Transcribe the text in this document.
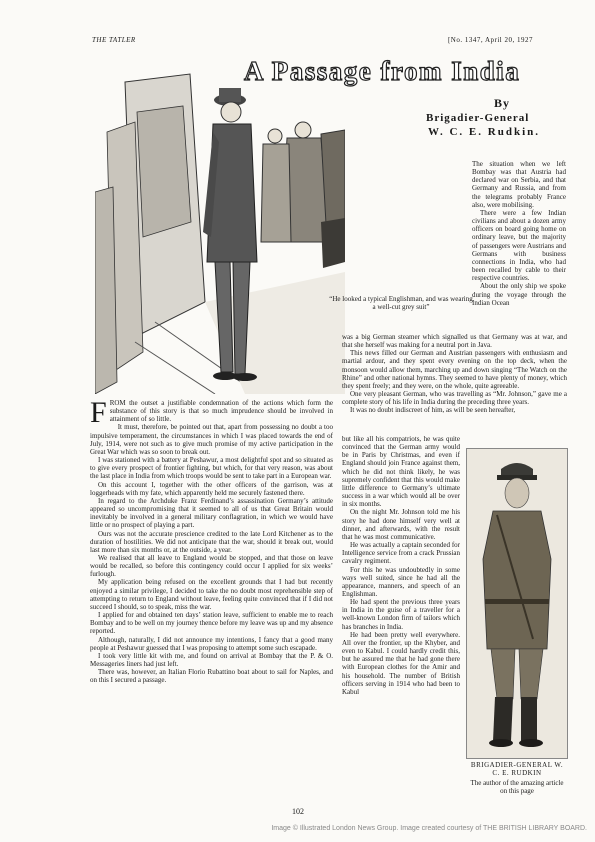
THE TATLER	[No. 1347, April 20, 1927
A Passage from India
By
Brigadier-General
W. C. E. Rudkin.
“He looked a typical Englishman, and was wearing a well-cut grey suit”

The situation when we left Bombay was that Austria had declared war on Serbia, and that Germany and Russia, and from the telegrams probably France also, were mobilising.

There were a few Indian civilians and about a dozen army officers on board going home on ordinary leave, but the majority of passengers were Austrians and Germans with business connections in India, who had been recalled by cable to their respective countries.

About the only ship we spoke during the voyage through the Indian Ocean

was a big German steamer which signalled us that Germany was at war, and that she herself was making for a neutral port in Java.

This news filled our German and Austrian passengers with enthusiasm and martial ardour, and they spent every evening on the top deck, when the monsoon would allow them, marching up and down singing “The Watch on the Rhine” and other national hymns. They seemed to have plenty of money, which they spent freely; and they were, on the whole, quite agreeable.

One very pleasant German, who was travelling as “Mr. Johnson,” gave me a complete story of his life in India during the preceding three years.

It was no doubt indiscreet of him, as will be seen hereafter,

but like all his compatriots, he was quite convinced that the German army would be in Paris by Christmas, and even if England should join France against them, which he did not think likely, he was supremely confident that this would make little difference to Germany’s ultimate success in a war which would all be over in six months.

On the night Mr. Johnson told me his story he had done himself very well at dinner, and afterwards, with the result that he was most communicative.

He was actually a captain seconded for Intelligence service from a crack Prussian cavalry regiment.

For this he was undoubtedly in some ways well suited, since he had all the appearance, manners, and speech of an Englishman.

He had spent the previous three years in India in the guise of a traveller for a well-known London firm of tailors which has branches in India.

He had been pretty well everywhere. All over the frontier, up the Khyber, and even to Kabul. I could hardly credit this, but he assured me that he had gone there with European clothes for the Amir and his household. The number of British officers serving in 1914 who had been to Kabul

FROM the outset a justifiable condemnation of the actions which form the substance of this story is that so much imprudence should be involved in attainment of so little.

It must, therefore, be pointed out that, apart from possessing no doubt a too impulsive temperament, the circumstances in which I was placed towards the end of July, 1914, were not such as to give much promise of my active participation in the Great War which was so soon to break out.

I was stationed with a battery at Peshawur, a most delightful spot and so situated as to give every prospect of frontier fighting, but which, for that very reason, was about the last place in India from which troops would be sent to take part in a European war.

On this account I, together with the other officers of the garrison, was at loggerheads with my fate, which apparently held me securely fastened there.

In regard to the Archduke Franz Ferdinand’s assassination Germany’s attitude appeared so uncompromising that it seemed to all of us that Great Britain would inevitably be involved in a general military conflagration, in which we would have little or no prospect of playing a part.

Ours was not the accurate prescience credited to the late Lord Kitchener as to the duration of hostilities. We did not anticipate that the war, should it break out, would last more than six months or, at the outside, a year.

We realised that all leave to England would be stopped, and that those on leave would be recalled, so before this contingency could occur I applied for six weeks’ furlough.

My application being refused on the excellent grounds that I had but recently enjoyed a similar privilege, I decided to take the no doubt most reprehensible step of attempting to return to England without leave, feeling quite convinced that if I did not succeed I should, so to speak, miss the war.

I applied for and obtained ten days’ station leave, sufficient to enable me to reach Bombay and to be well on my journey thence before my leave was up and my absence reported.

Although, naturally, I did not announce my intentions, I fancy that a good many people at Peshawur guessed that I was proposing to attempt some such escapade.

I took very little kit with me, and found on arrival at Bombay that the P. & O. Messageries liners had just left.

There was, however, an Italian Florio Rubattino boat about to sail for Naples, and on this I secured a passage.

BRIGADIER-GENERAL W. C. E. RUDKIN
The author of the amazing article on this page
102
Image © Illustrated London News Group. Image created courtesy of THE BRITISH LIBRARY BOARD.
